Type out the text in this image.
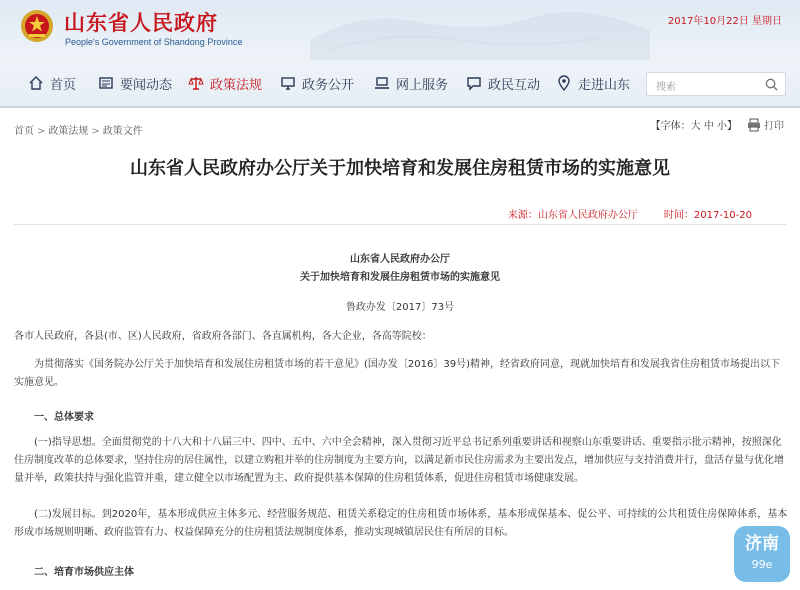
山东省人民政府
People's Government of Shandong Province
2017年10月22日 星期日
首页	要闻动态	政策法规	政务公开	网上服务	政民互动	走进山东	搜索
首页 > 政策法规 > 政策文件	【字体：大 中 小】	打印
山东省人民政府办公厅关于加快培育和发展住房租赁市场的实施意见
来源：山东省人民政府办公厅	时间：2017-10-20
山东省人民政府办公厅
关于加快培育和发展住房租赁市场的实施意见
鲁政办发〔2017〕73号
各市人民政府，各县(市、区)人民政府，省政府各部门、各直属机构，各大企业，各高等院校：
为贯彻落实《国务院办公厅关于加快培育和发展住房租赁市场的若干意见》(国办发〔2016〕39号)精神，经省政府同意，现就加快培育和发展我省住房租赁市场提出以下实施意见。
一、总体要求
(一)指导思想。全面贯彻党的十八大和十八届三中、四中、五中、六中全会精神，深入贯彻习近平总书记系列重要讲话和视察山东重要讲话、重要指示批示精神，按照深化住房制度改革的总体要求，坚持住房的居住属性，以建立购租并举的住房制度为主要方向，以满足新市民住房需求为主要出发点，增加供应与支持消费并行，盘活存量与优化增量并举，政策扶持与强化监管并重，建立健全以市场配置为主、政府提供基本保障的住房租赁体系，促进住房租赁市场健康发展。
(二)发展目标。到2020年，基本形成供应主体多元、经营服务规范、租赁关系稳定的住房租赁市场体系，基本形成保基本、促公平、可持续的公共租赁住房保障体系，基本形成市场规则明晰、政府监管有力、权益保障充分的住房租赁法规制度体系，推动实现城镇居民住有所居的目标。
二、培育市场供应主体
济南
99e
